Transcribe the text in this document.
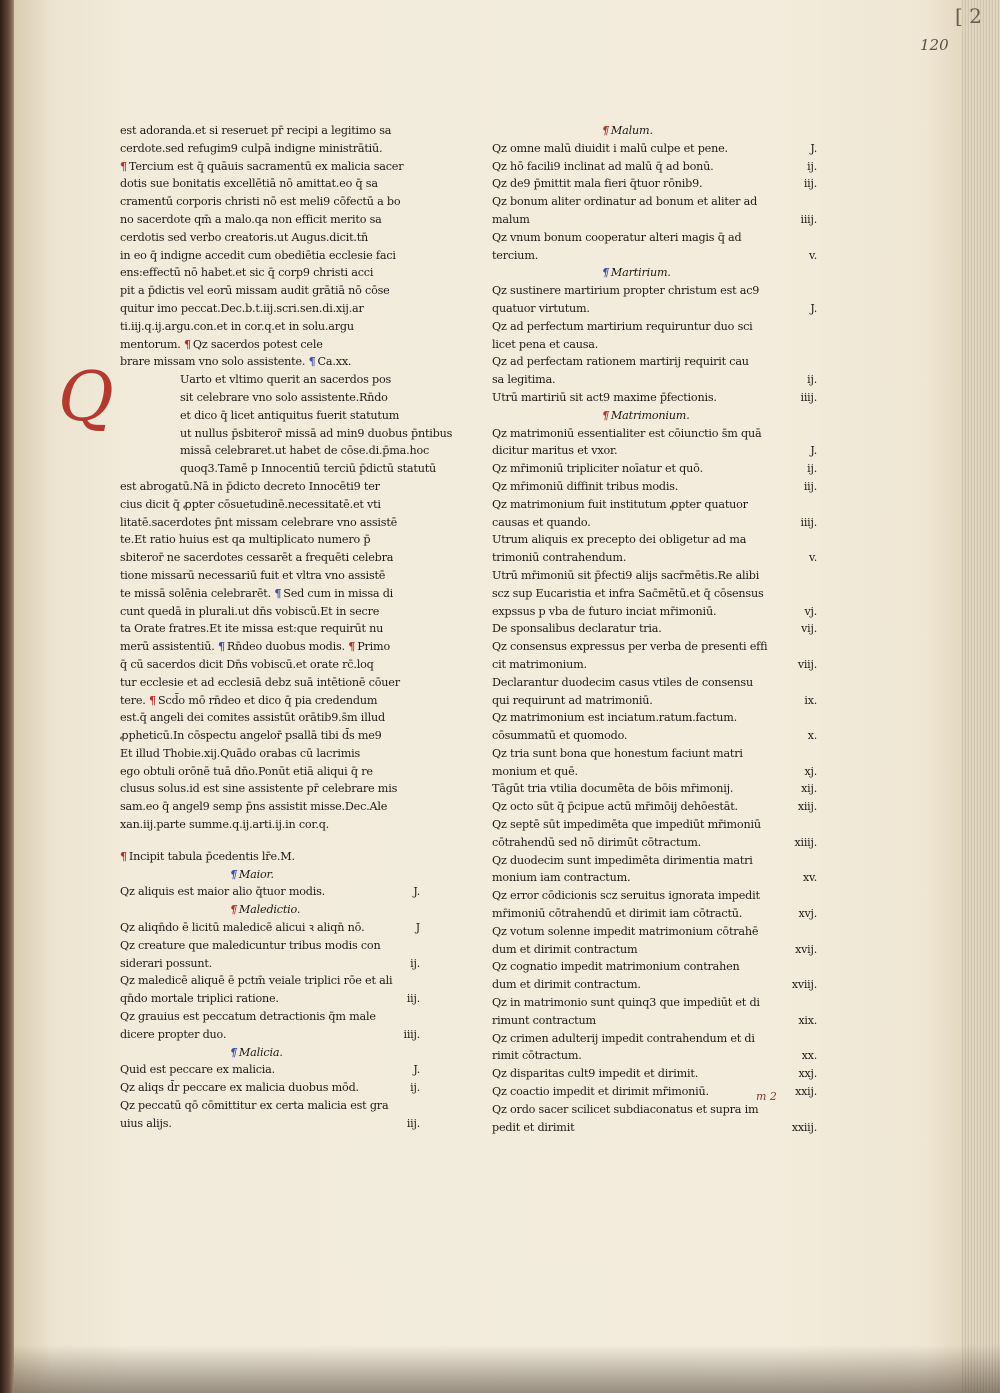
[ 2
120
Q
est adoranda.et si reseruet pr̄ recipi a legitimo sa
cerdote.sed refugim9 culpā indigne ministrātiū.
¶ Tercium est q̄ quāuis sacramentū ex malicia sacer
dotis sue bonitatis excellētiā nō amittat.eo q̄ sa
cramentū corporis christi nō est meli9 cōfectū a bo
no sacerdote qm̄ a malo.qa non efficit merito sa
cerdotis sed verbo creatoris.ut Augus.dicit.tn̄
in eo q̄ indigne accedit cum obediētia ecclesie faci
ens:effectū nō habet.et sic q̄ corp9 christi acci
pit a p̄dictis vel eorū missam audit grātiā nō cōse
quitur imo peccat.Dec.b.t.iij.scri.sen.di.xij.ar
ti.iij.q.ij.argu.con.et in cor.q.et in solu.argu
mentorum. ¶ Qz sacerdos potest cele
brare missam vno solo assistente. ¶ Ca.xx.
Uarto et vltimo querit an sacerdos pos
sit celebrare vno solo assistente.Rn̄do
et dico q̄ licet antiquitus fuerit statutum
ut nullus p̄sbiteror̄ missā ad min9 duobus p̄ntibus
missā celebraret.ut habet de cōse.di.p̄ma.hoc
quoq3.Tamē p Innocentiū terciū p̄dictū statutū
est abrogatū.Nā in p̄dicto decreto Innocēti9 ter
cius dicit q̄ ꝓpter cōsuetudinē.necessitatē.et vti
litatē.sacerdotes p̄nt missam celebrare vno assistē
te.Et ratio huius est qa multiplicato numero p̄
sbiteror̄ ne sacerdotes cessarēt a frequēti celebra
tione missarū necessariū fuit et vltra vno assistē
te missā solēnia celebrarēt. ¶ Sed cum in missa di
cunt quedā in plurali.ut dn̄s vobiscū.Et in secre
ta Orate fratres.Et ite missa est:que requirūt nu
merū assistentiū. ¶ Rn̄deo duobus modis. ¶ Primo
q̄ cū sacerdos dicit Dn̄s vobiscū.et orate rc̄.loq
tur ecclesie et ad ecclesiā debz suā intētionē cōuer
tere. ¶ Scd̄o mō rn̄deo et dico q̄ pia credendum
est.q̄ angeli dei comites assistūt orātib9.s̄m illud
ꝓpheticū.In cōspectu angelor̄ psallā tibi d̄s me9
Et illud Thobie.xij.Quādo orabas cū lacrimis
ego obtuli orōnē tuā dn̄o.Ponūt etiā aliqui q̄ re
clusus solus.id est sine assistente pr̄ celebrare mis
sam.eo q̄ angel9 semp p̄ns assistit misse.Dec.Ale
xan.iij.parte summe.q.ij.arti.ij.in cor.q.
¶ Incipit tabula p̄cedentis lr̄e.M.
¶ Maior.
Qz aliquis est maior alio q̄tuor modis.	J.
¶ Maledictio.
Qz aliqn̄do ē licitū maledicē alicui ꝛ aliqn̄ nō.	J
Qz creature que maledicuntur tribus modis con
siderari possunt.	ij.
Qz maledicē aliquē ē pctm̄ veiale triplici rōe et ali
qn̄do mortale triplici ratione.	iij.
Qz grauius est peccatum detractionis q̄m male
dicere propter duo.	iiij.
¶ Malicia.
Quid est peccare ex malicia.	J.
Qz aliqs d̄r peccare ex malicia duobus mōd.	ij.
Qz peccatū qō cōmittitur ex certa malicia est gra
uius alijs.	iij.
¶ Malum.
Qz omne malū diuidit i malū culpe et pene.	J.
Qz hō facili9 inclinat ad malū q̄ ad bonū.	ij.
Qz de9 p̄mittit mala fieri q̄tuor rōnib9.	iij.
Qz bonum aliter ordinatur ad bonum et aliter ad
malum	iiij.
Qz vnum bonum cooperatur alteri magis q̄ ad
tercium.	v.
¶ Martirium.
Qz sustinere martirium propter christum est ac9
quatuor virtutum.	J.
Qz ad perfectum martirium requiruntur duo sci
licet pena et causa.
Qz ad perfectam rationem martirij requirit cau
sa legitima.	ij.
Utrū martiriū sit act9 maxime p̄fectionis.	iiij.
¶ Matrimonium.
Qz matrimoniū essentialiter est cōiunctio s̄m quā
dicitur maritus et vxor.	J.
Qz mr̄imoniū tripliciter noīatur et quō.	ij.
Qz mr̄imoniū diffinit tribus modis.	iij.
Qz matrimonium fuit institutum ꝓpter quatuor
causas et quando.	iiij.
Utrum aliquis ex precepto dei obligetur ad ma
trimoniū contrahendum.	v.
Utrū mr̄imoniū sit p̄fecti9 alijs sacr̄mētis.Re alibi
scz sup Eucaristia et infra Sac̄mētū.et q̄ cōsensus
expssus p vba de futuro inciat mr̄imoniū.	vj.
De sponsalibus declaratur tria.	vij.
Qz consensus expressus per verba de presenti effi
cit matrimonium.	viij.
Declarantur duodecim casus vtiles de consensu
qui requirunt ad matrimoniū.	ix.
Qz matrimonium est inciatum.ratum.factum.
cōsummatū et quomodo.	x.
Qz tria sunt bona que honestum faciunt matri
monium et quē.	xj.
Tāgūt tria vtilia documēta de bōis mr̄imonij.	xij.
Qz octo sūt q̄ p̄cipue actū mr̄imōij dehōestāt.	xiij.
Qz septē sūt impedimēta que impediūt mr̄imoniū
cōtrahendū sed nō dirimūt cōtractum.	xiiij.
Qz duodecim sunt impedimēta dirimentia matri
monium iam contractum.	xv.
Qz error cōdicionis scz seruitus ignorata impedit
mr̄imoniū cōtrahendū et dirimit iam cōtractū.	xvj.
Qz votum solenne impedit matrimonium cōtrahē
dum et dirimit contractum	xvij.
Qz cognatio impedit matrimonium contrahen
dum et dirimit contractum.	xviij.
Qz in matrimonio sunt quinq3 que impediūt et di
rimunt contractum	xix.
Qz crimen adulterij impedit contrahendum et di
rimit cōtractum.	xx.
Qz disparitas cult9 impedit et dirimit.	xxj.
Qz coactio impedit et dirimit mr̄imoniū.	xxij.
Qz ordo sacer scilicet subdiaconatus et supra im
pedit et dirimit	xxiij.
m 2
